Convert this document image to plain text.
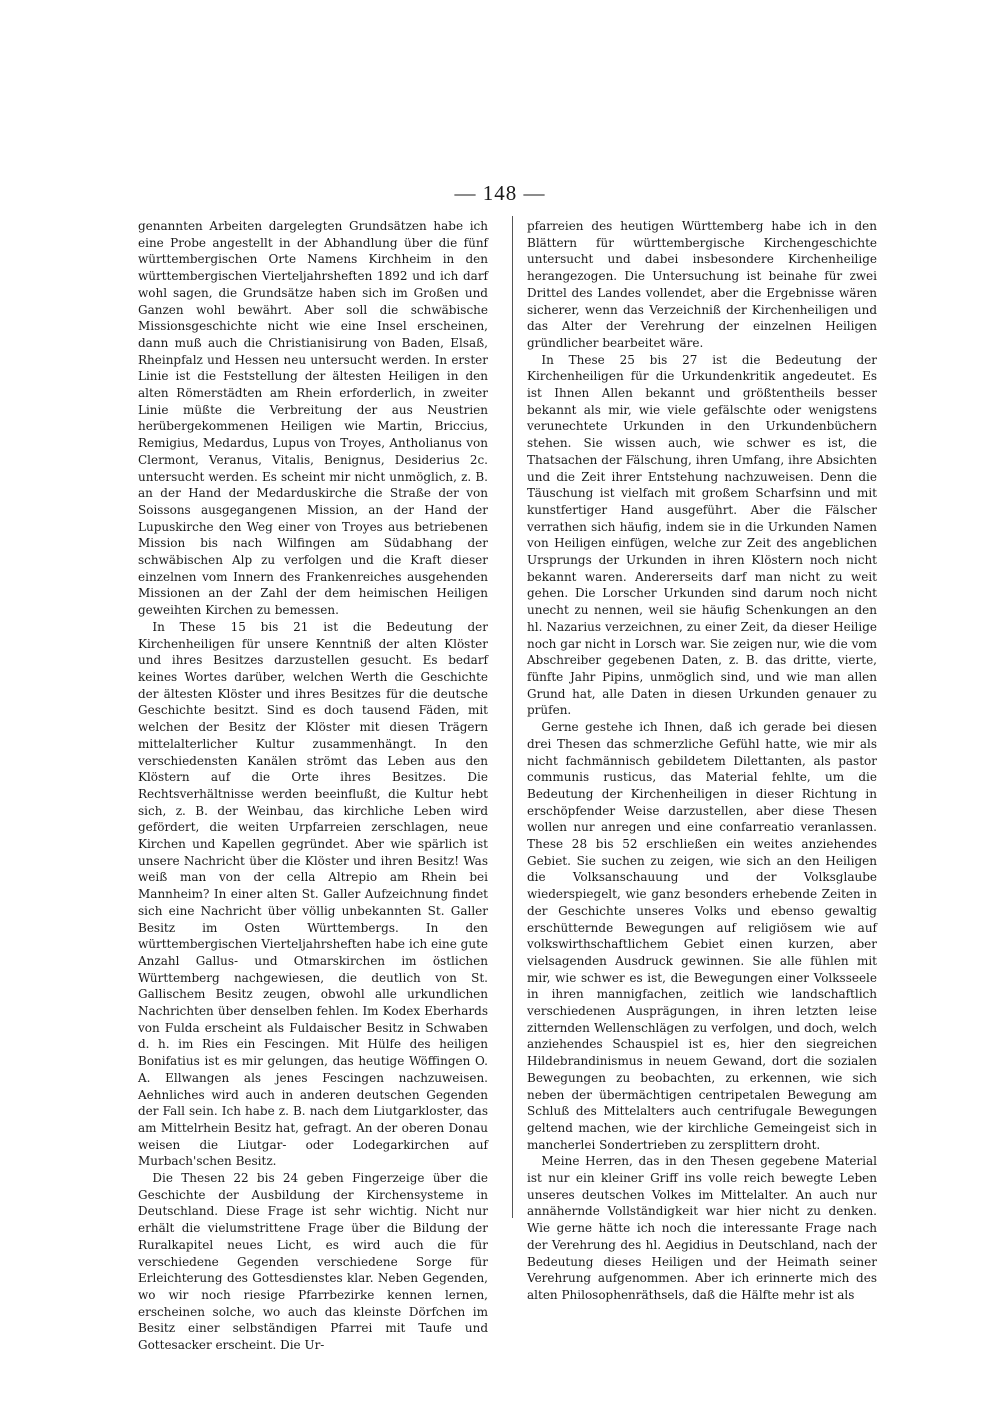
— 148 —

genannten Arbeiten dargelegten Grundsätzen habe ich eine Probe angestellt in der Abhandlung über die fünf württembergischen Orte Namens Kirchheim in den württembergischen Vierteljahrsheften 1892 und ich darf wohl sagen, die Grundsätze haben sich im Großen und Ganzen wohl bewährt. Aber soll die schwäbische Missionsgeschichte nicht wie eine Insel erscheinen, dann muß auch die Christianisirung von Baden, Elsaß, Rheinpfalz und Hessen neu untersucht werden. In erster Linie ist die Feststellung der ältesten Heiligen in den alten Römerstädten am Rhein erforderlich, in zweiter Linie müßte die Verbreitung der aus Neustrien herübergekommenen Heiligen wie Martin, Briccius, Remigius, Medardus, Lupus von Troyes, Antholianus von Clermont, Veranus, Vitalis, Benignus, Desiderius 2c. untersucht werden. Es scheint mir nicht unmöglich, z. B. an der Hand der Medarduskirche die Straße der von Soissons ausgegangenen Mission, an der Hand der Lupuskirche den Weg einer von Troyes aus betriebenen Mission bis nach Wilfingen am Südabhang der schwäbischen Alp zu verfolgen und die Kraft dieser einzelnen vom Innern des Frankenreiches ausgehenden Missionen an der Zahl der dem heimischen Heiligen geweihten Kirchen zu bemessen.

In These 15 bis 21 ist die Bedeutung der Kirchenheiligen für unsere Kenntniß der alten Klöster und ihres Besitzes darzustellen gesucht. Es bedarf keines Wortes darüber, welchen Werth die Geschichte der ältesten Klöster und ihres Besitzes für die deutsche Geschichte besitzt. Sind es doch tausend Fäden, mit welchen der Besitz der Klöster mit diesen Trägern mittelalterlicher Kultur zusammenhängt. In den verschiedensten Kanälen strömt das Leben aus den Klöstern auf die Orte ihres Besitzes. Die Rechtsverhältnisse werden beeinflußt, die Kultur hebt sich, z. B. der Weinbau, das kirchliche Leben wird gefördert, die weiten Urpfarreien zerschlagen, neue Kirchen und Kapellen gegründet. Aber wie spärlich ist unsere Nachricht über die Klöster und ihren Besitz! Was weiß man von der cella Altrepio am Rhein bei Mannheim? In einer alten St. Galler Aufzeichnung findet sich eine Nachricht über völlig unbekannten St. Galler Besitz im Osten Württembergs. In den württembergischen Vierteljahrsheften habe ich eine gute Anzahl Gallus- und Otmarskirchen im östlichen Württemberg nachgewiesen, die deutlich von St. Gallischem Besitz zeugen, obwohl alle urkundlichen Nachrichten über denselben fehlen. Im Kodex Eberhards von Fulda erscheint als Fuldaischer Besitz in Schwaben d. h. im Ries ein Fescingen. Mit Hülfe des heiligen Bonifatius ist es mir gelungen, das heutige Wöffingen O. A. Ellwangen als jenes Fescingen nachzuweisen. Aehnliches wird auch in anderen deutschen Gegenden der Fall sein. Ich habe z. B. nach dem Liutgarkloster, das am Mittelrhein Besitz hat, gefragt. An der oberen Donau weisen die Liutgar- oder Lodegarkirchen auf Murbach'schen Besitz.

Die Thesen 22 bis 24 geben Fingerzeige über die Geschichte der Ausbildung der Kirchensysteme in Deutschland. Diese Frage ist sehr wichtig. Nicht nur erhält die vielumstrittene Frage über die Bildung der Ruralkapitel neues Licht, es wird auch die für verschiedene Gegenden verschiedene Sorge für Erleichterung des Gottesdienstes klar. Neben Gegenden, wo wir noch riesige Pfarrbezirke kennen lernen, erscheinen solche, wo auch das kleinste Dörfchen im Besitz einer selbständigen Pfarrei mit Taufe und Gottesacker erscheint. Die Ur-

pfarreien des heutigen Württemberg habe ich in den Blättern für württembergische Kirchengeschichte untersucht und dabei insbesondere Kirchenheilige herangezogen. Die Untersuchung ist beinahe für zwei Drittel des Landes vollendet, aber die Ergebnisse wären sicherer, wenn das Verzeichniß der Kirchenheiligen und das Alter der Verehrung der einzelnen Heiligen gründlicher bearbeitet wäre.

In These 25 bis 27 ist die Bedeutung der Kirchenheiligen für die Urkundenkritik angedeutet. Es ist Ihnen Allen bekannt und größtentheils besser bekannt als mir, wie viele gefälschte oder wenigstens verunechtete Urkunden in den Urkundenbüchern stehen. Sie wissen auch, wie schwer es ist, die Thatsachen der Fälschung, ihren Umfang, ihre Absichten und die Zeit ihrer Entstehung nachzuweisen. Denn die Täuschung ist vielfach mit großem Scharfsinn und mit kunstfertiger Hand ausgeführt. Aber die Fälscher verrathen sich häufig, indem sie in die Urkunden Namen von Heiligen einfügen, welche zur Zeit des angeblichen Ursprungs der Urkunden in ihren Klöstern noch nicht bekannt waren. Andererseits darf man nicht zu weit gehen. Die Lorscher Urkunden sind darum noch nicht unecht zu nennen, weil sie häufig Schenkungen an den hl. Nazarius verzeichnen, zu einer Zeit, da dieser Heilige noch gar nicht in Lorsch war. Sie zeigen nur, wie die vom Abschreiber gegebenen Daten, z. B. das dritte, vierte, fünfte Jahr Pipins, unmöglich sind, und wie man allen Grund hat, alle Daten in diesen Urkunden genauer zu prüfen.

Gerne gestehe ich Ihnen, daß ich gerade bei diesen drei Thesen das schmerzliche Gefühl hatte, wie mir als nicht fachmännisch gebildetem Dilettanten, als pastor communis rusticus, das Material fehlte, um die Bedeutung der Kirchenheiligen in dieser Richtung in erschöpfender Weise darzustellen, aber diese Thesen wollen nur anregen und eine confarreatio veranlassen. These 28 bis 52 erschließen ein weites anziehendes Gebiet. Sie suchen zu zeigen, wie sich an den Heiligen die Volksanschauung und der Volksglaube wiederspiegelt, wie ganz besonders erhebende Zeiten in der Geschichte unseres Volks und ebenso gewaltig erschütternde Bewegungen auf religiösem wie auf volkswirthschaftlichem Gebiet einen kurzen, aber vielsagenden Ausdruck gewinnen. Sie alle fühlen mit mir, wie schwer es ist, die Bewegungen einer Volksseele in ihren mannigfachen, zeitlich wie landschaftlich verschiedenen Ausprägungen, in ihren letzten leise zitternden Wellenschlägen zu verfolgen, und doch, welch anziehendes Schauspiel ist es, hier den siegreichen Hildebrandinismus in neuem Gewand, dort die sozialen Bewegungen zu beobachten, zu erkennen, wie sich neben der übermächtigen centripetalen Bewegung am Schluß des Mittelalters auch centrifugale Bewegungen geltend machen, wie der kirchliche Gemeingeist sich in mancherlei Sondertrieben zu zersplittern droht.

Meine Herren, das in den Thesen gegebene Material ist nur ein kleiner Griff ins volle reich bewegte Leben unseres deutschen Volkes im Mittelalter. An auch nur annähernde Vollständigkeit war hier nicht zu denken. Wie gerne hätte ich noch die interessante Frage nach der Verehrung des hl. Aegidius in Deutschland, nach der Bedeutung dieses Heiligen und der Heimath seiner Verehrung aufgenommen. Aber ich erinnerte mich des alten Philosophenräthsels, daß die Hälfte mehr ist als
